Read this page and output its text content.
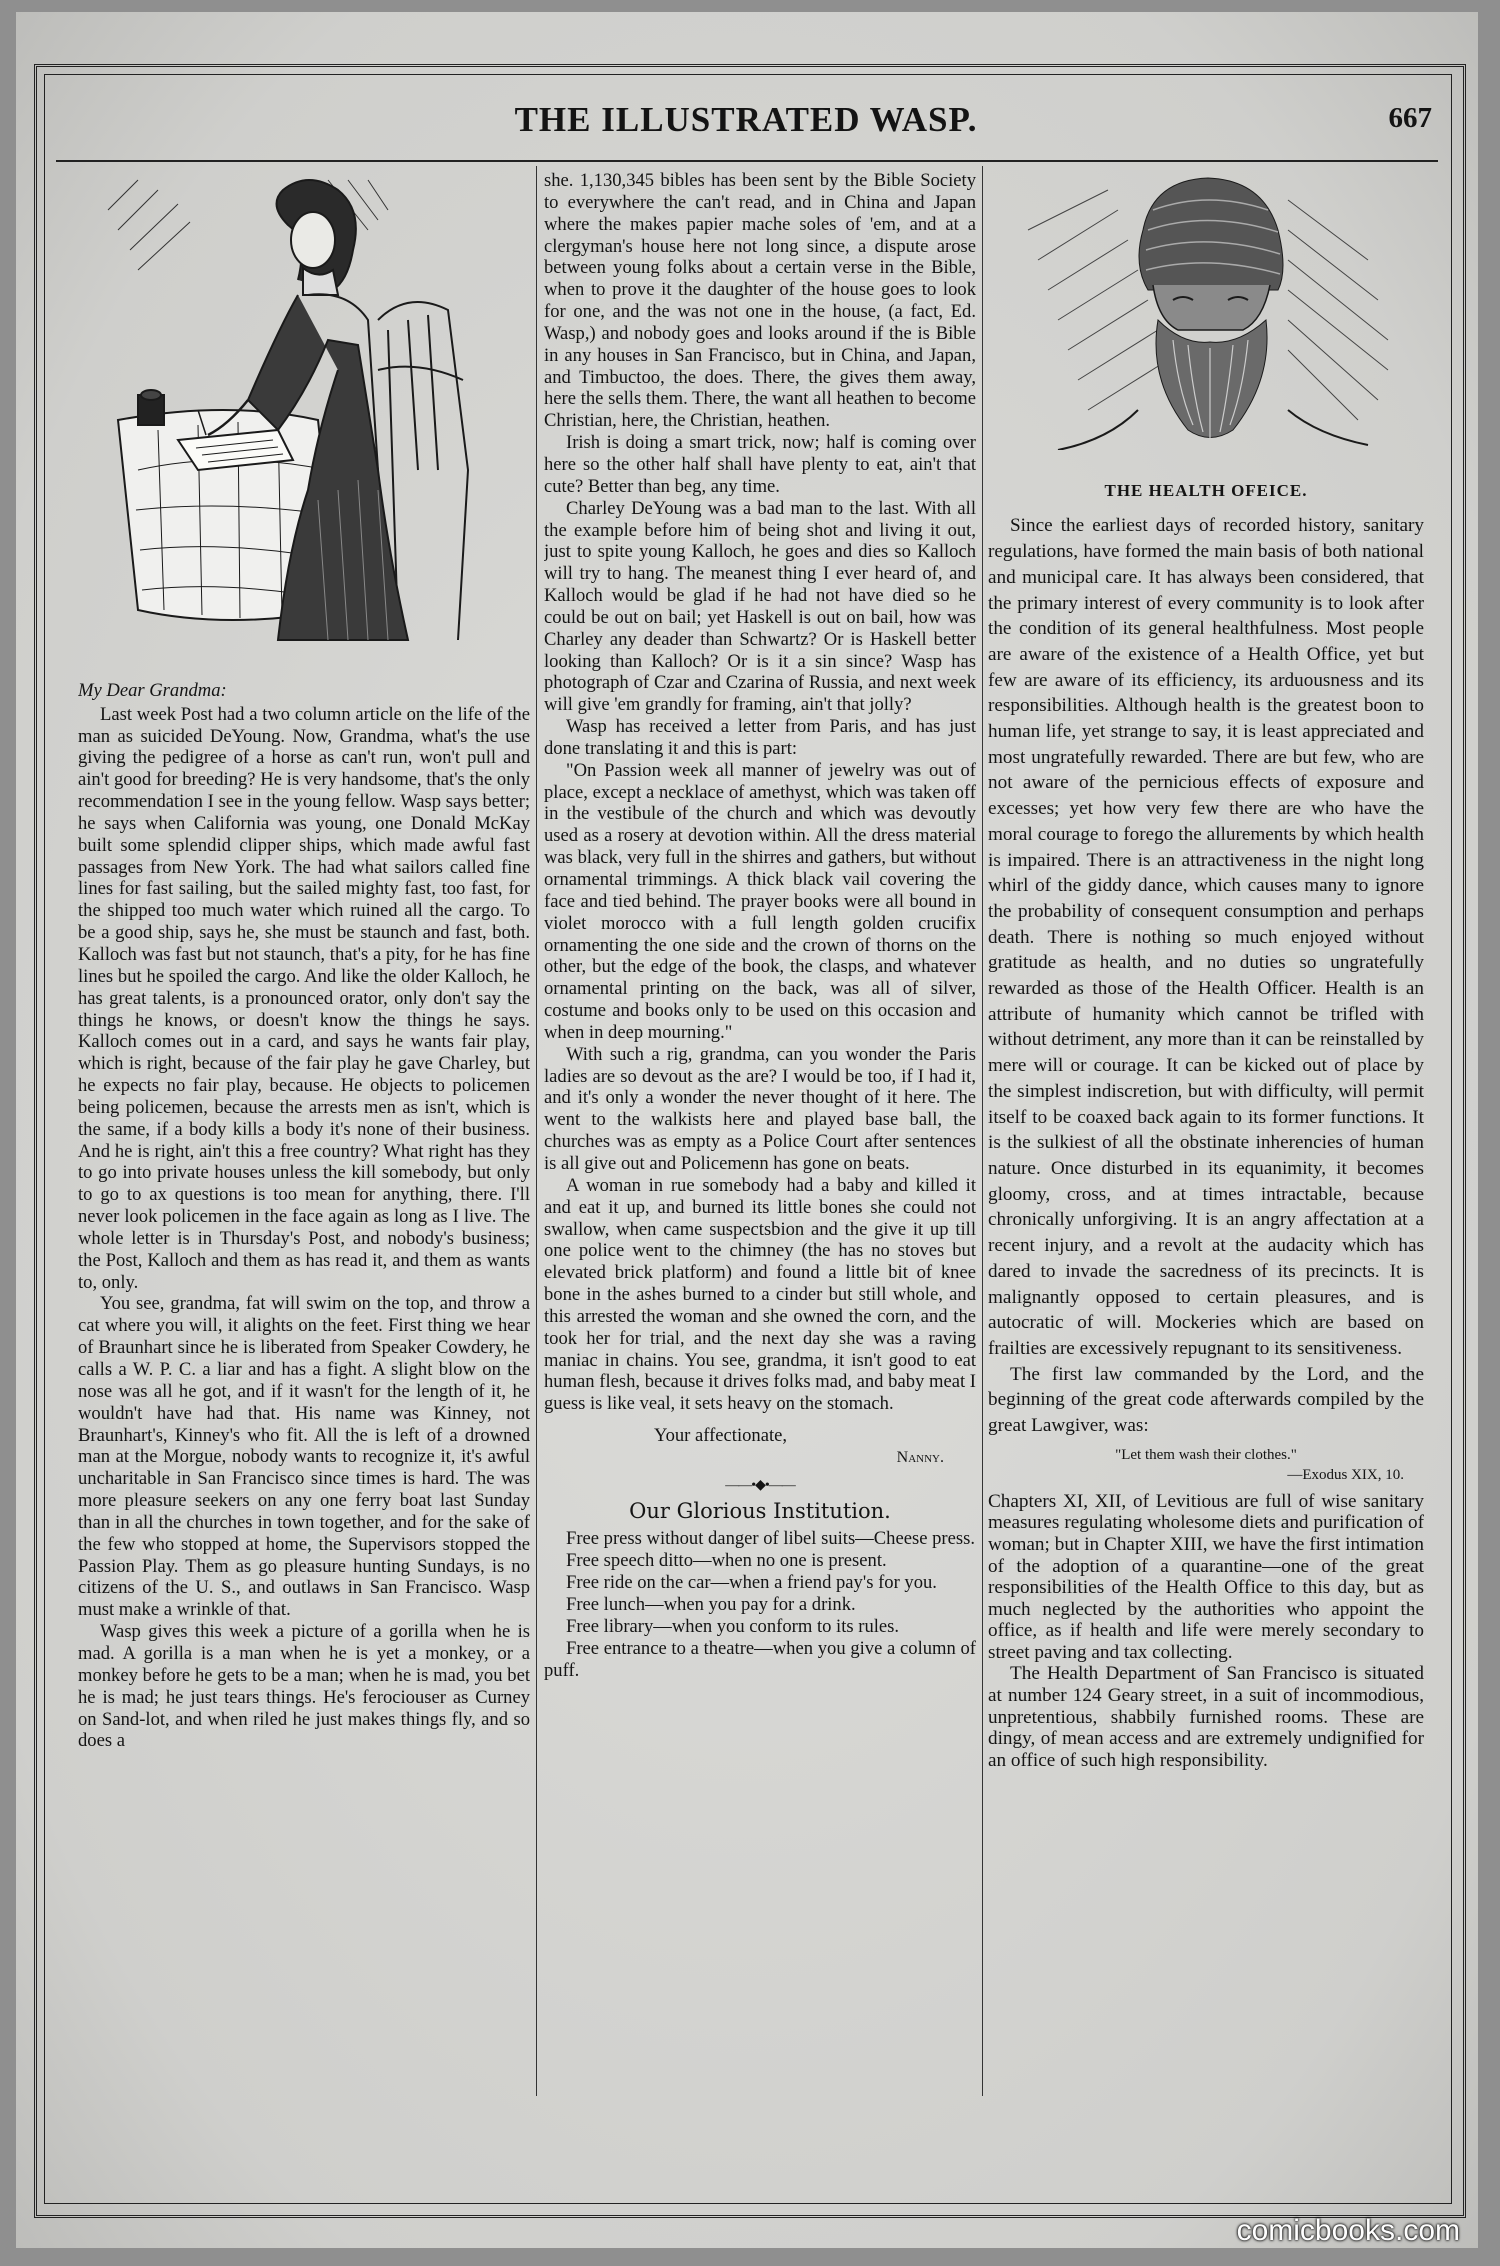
THE ILLUSTRATED WASP.	667

My Dear Grandma:

Last week Post had a two column article on the life of the man as suicided DeYoung. Now, Grandma, what's the use giving the pedigree of a horse as can't run, won't pull and ain't good for breeding? He is very handsome, that's the only recommendation I see in the young fellow. Wasp says better; he says when California was young, one Donald McKay built some splendid clipper ships, which made awful fast passages from New York. The had what sailors called fine lines for fast sailing, but the sailed mighty fast, too fast, for the shipped too much water which ruined all the cargo. To be a good ship, says he, she must be staunch and fast, both. Kalloch was fast but not staunch, that's a pity, for he has fine lines but he spoiled the cargo. And like the older Kalloch, he has great talents, is a pronounced orator, only don't say the things he knows, or doesn't know the things he says. Kalloch comes out in a card, and says he wants fair play, which is right, because of the fair play he gave Charley, but he expects no fair play, because. He objects to policemen being policemen, because the arrests men as isn't, which is the same, if a body kills a body it's none of their business. And he is right, ain't this a free country? What right has they to go into private houses unless the kill somebody, but only to go to ax questions is too mean for anything, there. I'll never look policemen in the face again as long as I live. The whole letter is in Thursday's Post, and nobody's business; the Post, Kalloch and them as has read it, and them as wants to, only.

You see, grandma, fat will swim on the top, and throw a cat where you will, it alights on the feet. First thing we hear of Braunhart since he is liberated from Speaker Cowdery, he calls a W. P. C. a liar and has a fight. A slight blow on the nose was all he got, and if it wasn't for the length of it, he wouldn't have had that. His name was Kinney, not Braunhart's, Kinney's who fit. All the is left of a drowned man at the Morgue, nobody wants to recognize it, it's awful uncharitable in San Francisco since times is hard. The was more pleasure seekers on any one ferry boat last Sunday than in all the churches in town together, and for the sake of the few who stopped at home, the Supervisors stopped the Passion Play. Them as go pleasure hunting Sundays, is no citizens of the U. S., and outlaws in San Francisco. Wasp must make a wrinkle of that.

Wasp gives this week a picture of a gorilla when he is mad. A gorilla is a man when he is yet a monkey, or a monkey before he gets to be a man; when he is mad, you bet he is mad; he just tears things. He's ferociouser as Curney on Sand-lot, and when riled he just makes things fly, and so does a

she. 1,130,345 bibles has been sent by the Bible Society to everywhere the can't read, and in China and Japan where the makes papier mache soles of 'em, and at a clergyman's house here not long since, a dispute arose between young folks about a certain verse in the Bible, when to prove it the daughter of the house goes to look for one, and the was not one in the house, (a fact, Ed. Wasp,) and nobody goes and looks around if the is Bible in any houses in San Francisco, but in China, and Japan, and Timbuctoo, the does. There, the gives them away, here the sells them. There, the want all heathen to become Christian, here, the Christian, heathen.

Irish is doing a smart trick, now; half is coming over here so the other half shall have plenty to eat, ain't that cute? Better than beg, any time.

Charley DeYoung was a bad man to the last. With all the example before him of being shot and living it out, just to spite young Kalloch, he goes and dies so Kalloch will try to hang. The meanest thing I ever heard of, and Kalloch would be glad if he had not have died so he could be out on bail; yet Haskell is out on bail, how was Charley any deader than Schwartz? Or is Haskell better looking than Kalloch? Or is it a sin since? Wasp has photograph of Czar and Czarina of Russia, and next week will give 'em grandly for framing, ain't that jolly?

Wasp has received a letter from Paris, and has just done translating it and this is part:

"On Passion week all manner of jewelry was out of place, except a necklace of amethyst, which was taken off in the vestibule of the church and which was devoutly used as a rosery at devotion within. All the dress material was black, very full in the shirres and gathers, but without ornamental trimmings. A thick black vail covering the face and tied behind. The prayer books were all bound in violet morocco with a full length golden crucifix ornamenting the one side and the crown of thorns on the other, but the edge of the book, the clasps, and whatever ornamental printing on the back, was all of silver, costume and books only to be used on this occasion and when in deep mourning."

With such a rig, grandma, can you wonder the Paris ladies are so devout as the are? I would be too, if I had it, and it's only a wonder the never thought of it here. The went to the walkists here and played base ball, the churches was as empty as a Police Court after sentences is all give out and Policemenn has gone on beats.

A woman in rue somebody had a baby and killed it and eat it up, and burned its little bones she could not swallow, when came suspectsbion and the give it up till one police went to the chimney (the has no stoves but elevated brick platform) and found a little bit of knee bone in the ashes burned to a cinder but still whole, and this arrested the woman and she owned the corn, and the took her for trial, and the next day she was a raving maniac in chains. You see, grandma, it isn't good to eat human flesh, because it drives folks mad, and baby meat I guess is like veal, it sets heavy on the stomach.

Your affectionate,

Nanny.

——•◆•——

Our Glorious Institution.

Free press without danger of libel suits—Cheese press.

Free speech ditto—when no one is present.

Free ride on the car—when a friend pay's for you.

Free lunch—when you pay for a drink.

Free library—when you conform to its rules.

Free entrance to a theatre—when you give a column of puff.

THE HEALTH OFEICE.

Since the earliest days of recorded history, sanitary regulations, have formed the main basis of both national and municipal care. It has always been considered, that the primary interest of every community is to look after the condition of its general healthfulness. Most people are aware of the existence of a Health Office, yet but few are aware of its efficiency, its arduousness and its responsibilities. Although health is the greatest boon to human life, yet strange to say, it is least appreciated and most ungratefully rewarded. There are but few, who are not aware of the pernicious effects of exposure and excesses; yet how very few there are who have the moral courage to forego the allurements by which health is impaired. There is an attractiveness in the night long whirl of the giddy dance, which causes many to ignore the probability of consequent consumption and perhaps death. There is nothing so much enjoyed without gratitude as health, and no duties so ungratefully rewarded as those of the Health Officer. Health is an attribute of humanity which cannot be trifled with without detriment, any more than it can be reinstalled by mere will or courage. It can be kicked out of place by the simplest indiscretion, but with difficulty, will permit itself to be coaxed back again to its former functions. It is the sulkiest of all the obstinate inherencies of human nature. Once disturbed in its equanimity, it becomes gloomy, cross, and at times intractable, because chronically unforgiving. It is an angry affectation at a recent injury, and a revolt at the audacity which has dared to invade the sacredness of its precincts. It is malignantly opposed to certain pleasures, and is autocratic of will. Mockeries which are based on frailties are excessively repugnant to its sensitiveness.

The first law commanded by the Lord, and the beginning of the great code afterwards compiled by the great Lawgiver, was:

"Let them wash their clothes."

—Exodus XIX, 10.

Chapters XI, XII, of Levitious are full of wise sanitary measures regulating wholesome diets and purification of woman; but in Chapter XIII, we have the first intimation of the adoption of a quarantine—one of the great responsibilities of the Health Office to this day, but as much neglected by the authorities who appoint the office, as if health and life were merely secondary to street paving and tax collecting.

The Health Department of San Francisco is situated at number 124 Geary street, in a suit of incommodious, unpretentious, shabbily furnished rooms. These are dingy, of mean access and are extremely undignified for an office of such high responsibility.

comicbooks.com
